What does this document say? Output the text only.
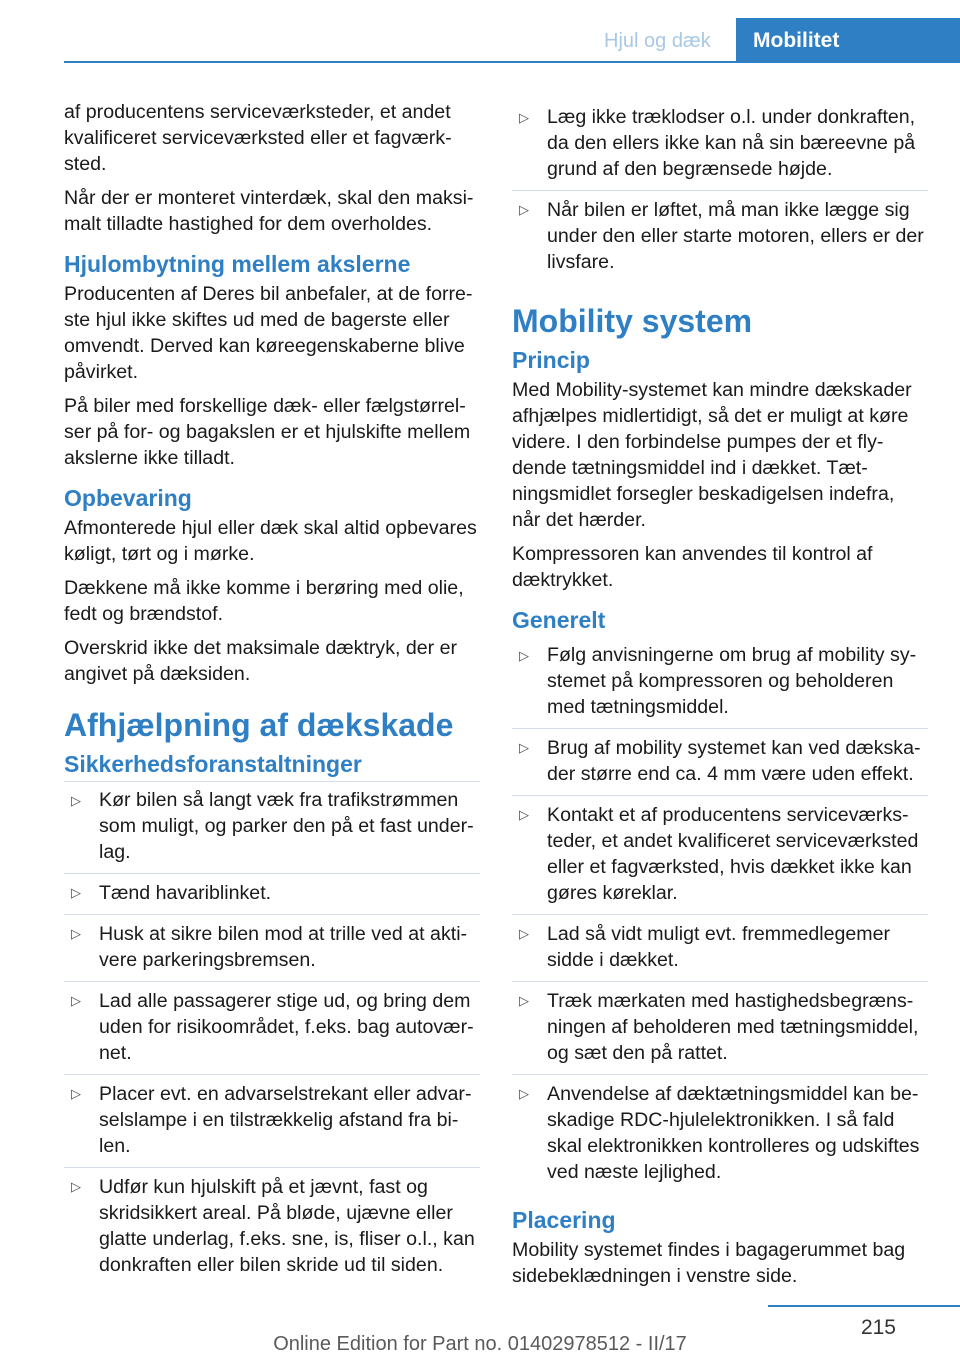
Hjul og dæk	Mobilitet

af producentens serviceværksteder, et andet kvalificeret serviceværksted eller et fagværksted.

Når der er monteret vinterdæk, skal den maksimalt tilladte hastighed for dem overholdes.

Hjulombytning mellem akslerne

Producenten af Deres bil anbefaler, at de forreste hjul ikke skiftes ud med de bagerste eller omvendt. Derved kan køreegenskaberne blive påvirket.

På biler med forskellige dæk- eller fælgstørrelser på for- og bagakslen er et hjulskifte mellem akslerne ikke tilladt.

Opbevaring

Afmonterede hjul eller dæk skal altid opbevares køligt, tørt og i mørke.

Dækkene må ikke komme i berøring med olie, fedt og brændstof.

Overskrid ikke det maksimale dæktryk, der er angivet på dæksiden.

Afhjælpning af dækskade
Sikkerhedsforanstaltninger
▷ Kør bilen så langt væk fra trafikstrømmen som muligt, og parker den på et fast underlag.
▷ Tænd havariblinket.
▷ Husk at sikre bilen mod at trille ved at aktivere parkeringsbremsen.
▷ Lad alle passagerer stige ud, og bring dem uden for risikoområdet, f.eks. bag autoværnet.
▷ Placer evt. en advarselstrekant eller advarselslampe i en tilstrækkelig afstand fra bilen.
▷ Udfør kun hjulskift på et jævnt, fast og skridsikkert areal. På bløde, ujævne eller glatte underlag, f.eks. sne, is, fliser o.l., kan donkraften eller bilen skride ud til siden.
▷ Læg ikke træklodser o.l. under donkraften, da den ellers ikke kan nå sin bæreevne på grund af den begrænsede højde.
▷ Når bilen er løftet, må man ikke lægge sig under den eller starte motoren, ellers er der livsfare.
Mobility system
Princip

Med Mobility-systemet kan mindre dækskader afhjælpes midlertidigt, så det er muligt at køre videre. I den forbindelse pumpes der et flydende tætningsmiddel ind i dækket. Tætningsmidlet forsegler beskadigelsen indefra, når det hærder.

Kompressoren kan anvendes til kontrol af dæktrykket.

Generelt
▷ Følg anvisningerne om brug af mobility systemet på kompressoren og beholderen med tætningsmiddel.
▷ Brug af mobility systemet kan ved dækskader større end ca. 4 mm være uden effekt.
▷ Kontakt et af producentens serviceværksteder, et andet kvalificeret serviceværksted eller et fagværksted, hvis dækket ikke kan gøres køreklar.
▷ Lad så vidt muligt evt. fremmedlegemer sidde i dækket.
▷ Træk mærkaten med hastighedsbegrænsningen af beholderen med tætningsmiddel, og sæt den på rattet.
▷ Anvendelse af dæktætningsmiddel kan beskadige RDC-hjulelektronikken. I så fald skal elektronikken kontrolleres og udskiftes ved næste lejlighed.
Placering

Mobility systemet findes i bagagerummet bag sidebeklædningen i venstre side.

215
Online Edition for Part no. 01402978512 - II/17
